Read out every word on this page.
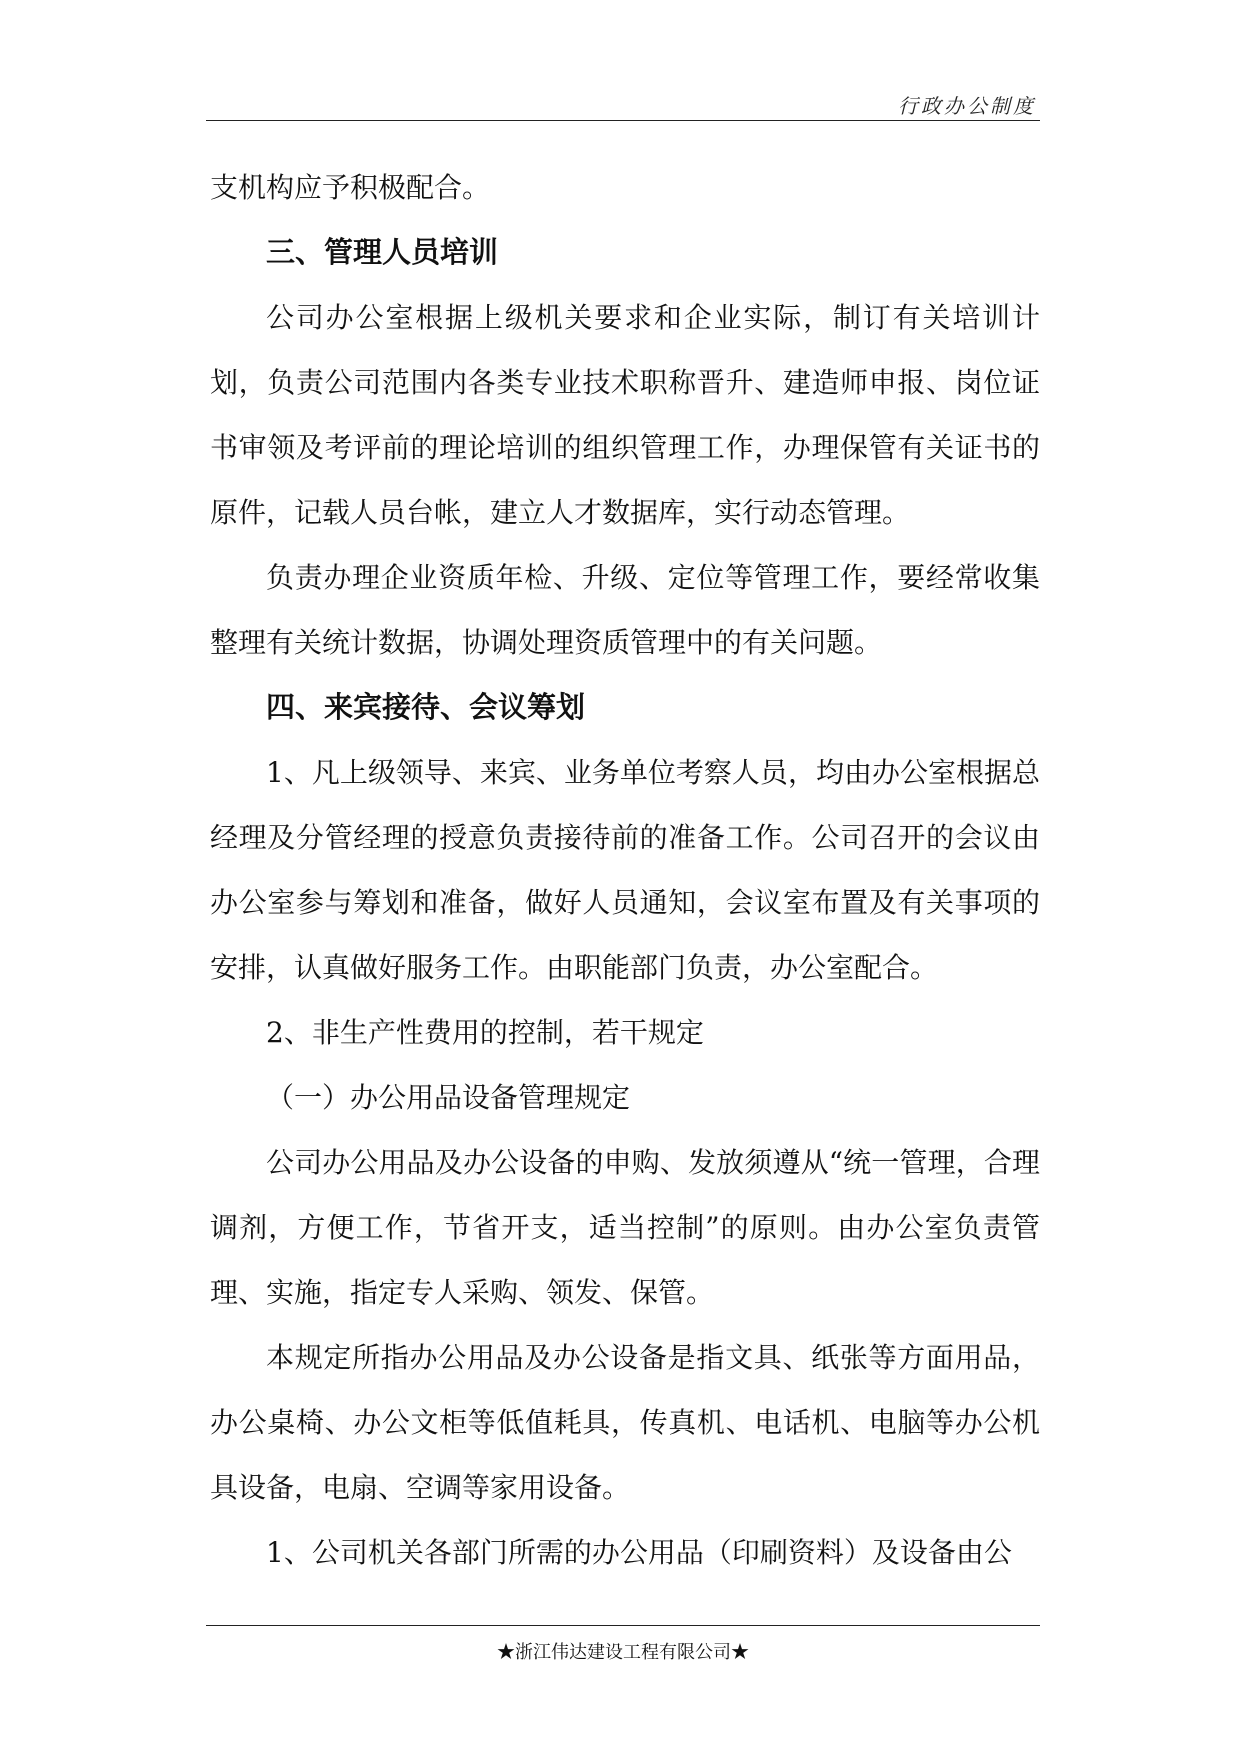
行政办公制度

支机构应予积极配合。

三、管理人员培训

公司办公室根据上级机关要求和企业实际，制订有关培训计划，负责公司范围内各类专业技术职称晋升、建造师申报、岗位证书审领及考评前的理论培训的组织管理工作，办理保管有关证书的原件，记载人员台帐，建立人才数据库，实行动态管理。

负责办理企业资质年检、升级、定位等管理工作，要经常收集整理有关统计数据，协调处理资质管理中的有关问题。

四、来宾接待、会议筹划

1、凡上级领导、来宾、业务单位考察人员，均由办公室根据总经理及分管经理的授意负责接待前的准备工作。公司召开的会议由办公室参与筹划和准备，做好人员通知，会议室布置及有关事项的安排，认真做好服务工作。由职能部门负责，办公室配合。

2、非生产性费用的控制，若干规定

（一）办公用品设备管理规定

公司办公用品及办公设备的申购、发放须遵从“统一管理，合理调剂，方便工作，节省开支，适当控制”的原则。由办公室负责管理、实施，指定专人采购、领发、保管。

本规定所指办公用品及办公设备是指文具、纸张等方面用品，办公桌椅、办公文柜等低值耗具，传真机、电话机、电脑等办公机具设备，电扇、空调等家用设备。

1、公司机关各部门所需的办公用品（印刷资料）及设备由公

★浙江伟达建设工程有限公司★
